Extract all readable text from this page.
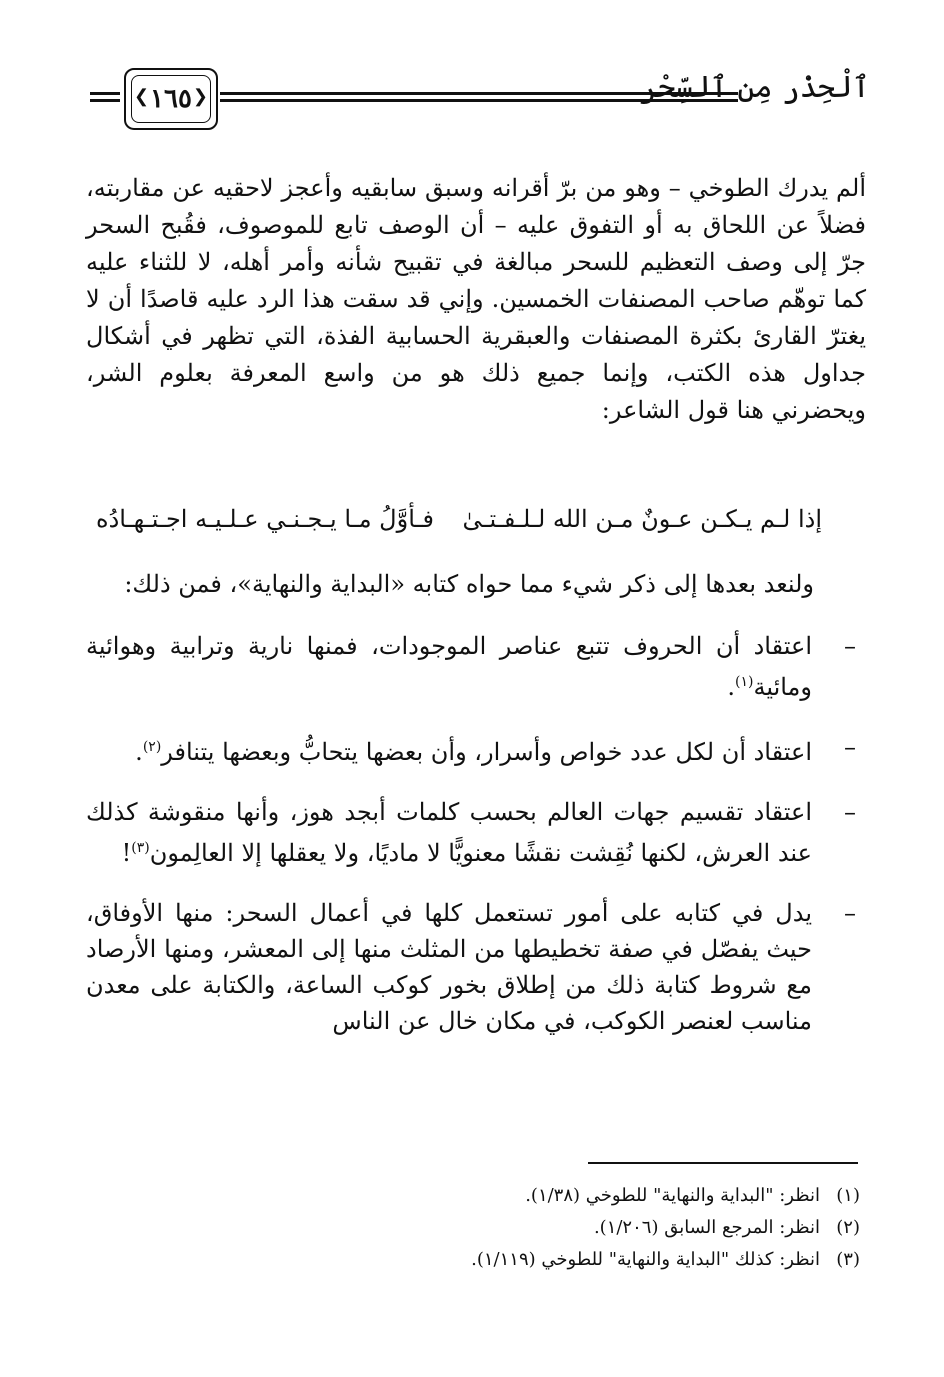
❮ ١٦٥ ❯	ٱلْحِذْر مِن ٱلسِّحْر
ألم يدرك الطوخي – وهو من برّ أقرانه وسبق سابقيه وأعجز لاحقيه عن مقاربته، فضلاً عن اللحاق به أو التفوق عليه – أن الوصف تابع للموصوف، فقُبح السحر جرّ إلى وصف التعظيم للسحر مبالغة في تقبيح شأنه وأمر أهله، لا للثناء عليه كما توهّم صاحب المصنفات الخمسين. وإني قد سقت هذا الرد عليه قاصدًا أن لا يغترّ القارئ بكثرة المصنفات والعبقرية الحسابية الفذة، التي تظهر في أشكال جداول هذه الكتب، وإنما جميع ذلك هو من واسع المعرفة بعلوم الشر، ويحضرني هنا قول الشاعر:
إذا لـم يـكـن عـونٌ مـن الله لـلـفـتـىٰ
فـأوَّلُ مـا يـجـنـي عـلـيـه اجـتـهـادُه
ولنعد بعدها إلى ذكر شيء مما حواه كتابه «البداية والنهاية»، فمن ذلك:
–
اعتقاد أن الحروف تتبع عناصر الموجودات، فمنها نارية وترابية وهوائية ومائية$^{(١)}$.
–
اعتقاد أن لكل عدد خواص وأسرار، وأن بعضها يتحابُّ وبعضها يتنافر$^{(٢)}$.
–
اعتقاد تقسيم جهات العالم بحسب كلمات أبجد هوز، وأنها منقوشة كذلك عند العرش، لكنها نُقِشت نقشًا معنويًّا لا ماديًا، ولا يعقلها إلا العالِمون$^{(٣)}$!
–
يدل في كتابه على أمور تستعمل كلها في أعمال السحر: منها الأوفاق، حيث يفصّل في صفة تخطيطها من المثلث منها إلى المعشر، ومنها الأرصاد مع شروط كتابة ذلك من إطلاق بخور كوكب الساعة، والكتابة على معدن مناسب لعنصر الكوكب، في مكان خال عن الناس
(١)انظر: "البداية والنهاية" للطوخي (١/٣٨).
(٢)انظر: المرجع السابق (١/٢٠٦).
(٣)انظر: كذلك "البداية والنهاية" للطوخي (١/١١٩).
